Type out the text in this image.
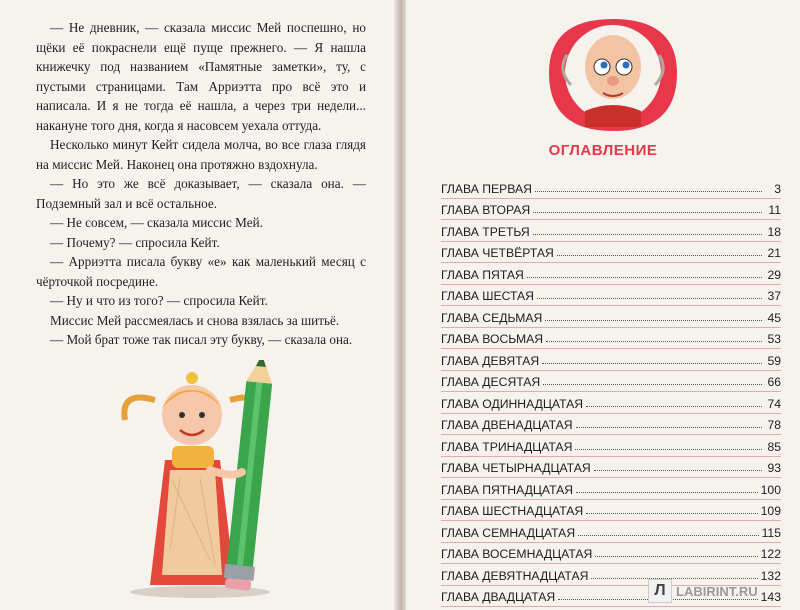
— Не дневник, — сказала миссис Мей поспешно, но щёки её покраснели ещё пуще прежнего. — Я нашла книжечку под названием «Памятные заметки», ту, с пустыми страницами. Там Арриэтта про всё это и написала. И я не тогда её нашла, а через три недели... накануне того дня, когда я насовсем уехала оттуда.

Несколько минут Кейт сидела молча, во все глаза глядя на миссис Мей. Наконец она протяжно вздохнула.

— Но это же всё доказывает, — сказала она. — Подземный зал и всё остальное.

— Не совсем, — сказала миссис Мей.

— Почему? — спросила Кейт.

— Арриэтта писала букву «е» как маленький месяц с чёрточкой посредине.

— Ну и что из того? — спросила Кейт.

Миссис Мей рассмеялась и снова взялась за шитьё.

— Мой брат тоже так писал эту букву, — сказала она.

ОГЛАВЛЕНИЕ
ГЛАВА ПЕРВАЯ	3
ГЛАВА ВТОРАЯ	11
ГЛАВА ТРЕТЬЯ	18
ГЛАВА ЧЕТВЁРТАЯ	21
ГЛАВА ПЯТАЯ	29
ГЛАВА ШЕСТАЯ	37
ГЛАВА СЕДЬМАЯ	45
ГЛАВА ВОСЬМАЯ	53
ГЛАВА ДЕВЯТАЯ	59
ГЛАВА ДЕСЯТАЯ	66
ГЛАВА ОДИННАДЦАТАЯ	74
ГЛАВА ДВЕНАДЦАТАЯ	78
ГЛАВА ТРИНАДЦАТАЯ	85
ГЛАВА ЧЕТЫРНАДЦАТАЯ	93
ГЛАВА ПЯТНАДЦАТАЯ	100
ГЛАВА ШЕСТНАДЦАТАЯ	109
ГЛАВА СЕМНАДЦАТАЯ	115
ГЛАВА ВОСЕМНАДЦАТАЯ	122
ГЛАВА ДЕВЯТНАДЦАТАЯ	132
ГЛАВА ДВАДЦАТАЯ	143
Л LABIRINT.RU
